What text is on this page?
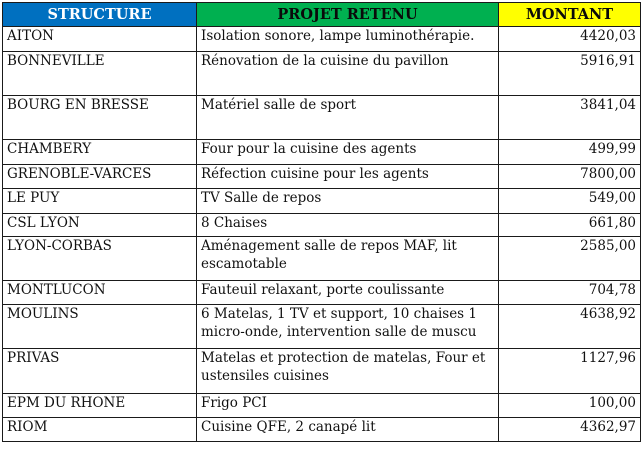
STRUCTURE	PROJET RETENU	MONTANT
AITON	Isolation sonore, lampe luminothérapie.	4420,03
BONNEVILLE	Rénovation de la cuisine du pavillon	5916,91
BOURG EN BRESSE	Matériel salle de sport	3841,04
CHAMBERY	Four pour la cuisine des agents	499,99
GRENOBLE-VARCES	Réfection cuisine pour les agents	7800,00
LE PUY	TV Salle de repos	549,00
CSL LYON	8 Chaises	661,80
LYON-CORBAS	Aménagement salle de repos MAF, lit escamotable	2585,00
MONTLUCON	Fauteuil relaxant, porte coulissante	704,78
MOULINS	6 Matelas, 1 TV et support, 10 chaises 1 micro-onde, intervention salle de muscu	4638,92
PRIVAS	Matelas et protection de matelas, Four et ustensiles cuisines	1127,96
EPM DU RHONE	Frigo PCI	100,00
RIOM	Cuisine QFE, 2 canapé lit	4362,97
